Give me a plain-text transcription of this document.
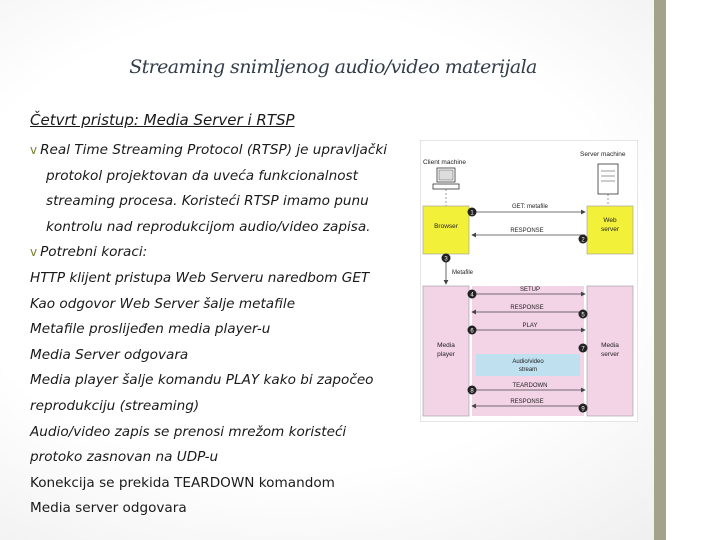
Streaming snimljenog audio/video materijala
Četvrt pristup: Media Server i RTSP
v Real Time Streaming Protocol (RTSP) je upravljački
protokol projektovan da uveća funkcionalnost
streaming procesa. Koristeći RTSP imamo punu
kontrolu nad reprodukcijom audio/video zapisa.
v Potrebni koraci:
HTTP klijent pristupa Web Serveru naredbom GET
Kao odgovor Web Server šalje metafile
Metafile proslijeđen media player-u
Media Server odgovara
Media player šalje komandu PLAY kako bi započeo
reprodukciju (streaming)
Audio/video zapis se prenosi mrežom koristeći
protoko zasnovan na UDP-u
Konekcija se prekida TEARDOWN komandom
Media server odgovara
Client machine
Server machine
Browser
Web
server
GET: metafile
RESPONSE
Metafile
Media
player
Media
server
SETUP
RESPONSE
PLAY
Audio/video
stream
TEARDOWN
RESPONSE
1
2
3
4
5
6
7
8
9
